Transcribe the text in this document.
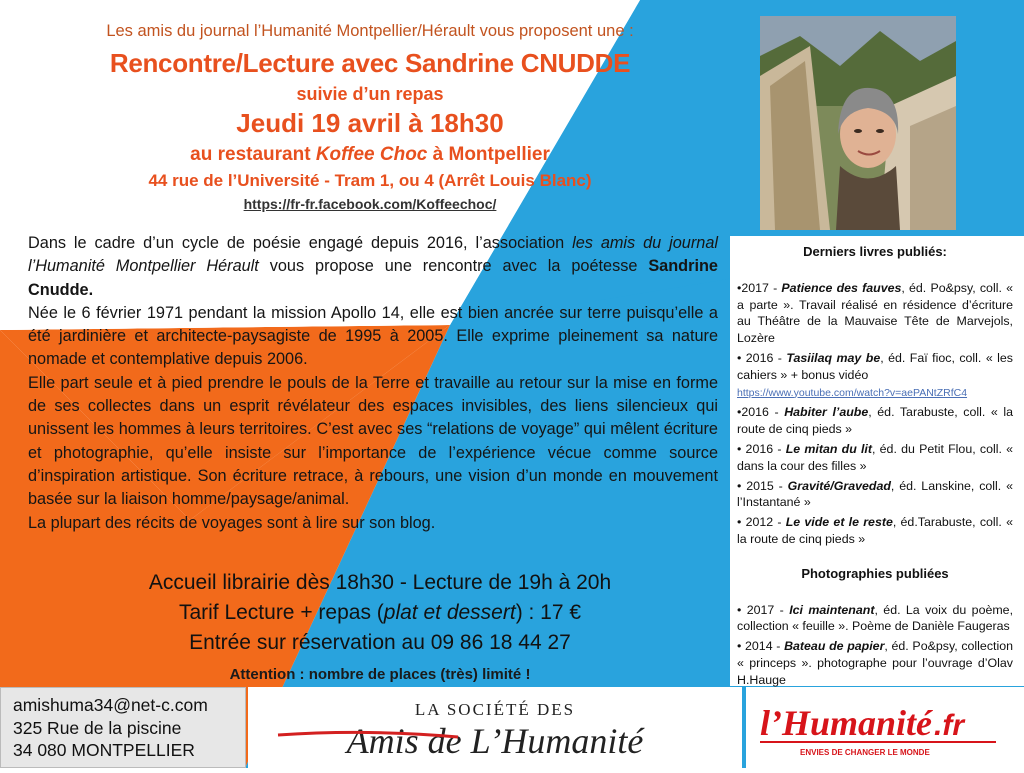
Les amis du journal l’Humanité Montpellier/Hérault vous proposent une :
Rencontre/Lecture avec Sandrine CNUDDE
suivie d’un repas
Jeudi 19 avril à 18h30
au restaurant Koffee Choc à Montpellier
44 rue de l’Université - Tram 1, ou 4 (Arrêt Louis Blanc)
https://fr-fr.facebook.com/Koffeechoc/

Dans le cadre d’un cycle de poésie engagé depuis 2016, l’association les amis du journal l’Humanité Montpellier Hérault vous propose une rencontre avec la poétesse Sandrine Cnudde.

Née le 6 février 1971 pendant la mission Apollo 14, elle est bien ancrée sur terre puisqu’elle a été jardinière et architecte-paysagiste de 1995 à 2005. Elle exprime pleinement sa nature nomade et contemplative depuis 2006.

Elle part seule et à pied prendre le pouls de la Terre et travaille au retour sur la mise en forme de ses collectes dans un esprit révélateur des espaces invisibles, des liens silencieux qui unissent les hommes à leurs territoires. C’est avec ses “relations de voyage” qui mêlent écriture et photographie, qu’elle insiste sur l’importance de l’expérience vécue comme source d’inspiration artistique. Son écriture retrace, à rebours, une vision d’un monde en mouvement basée sur la liaison homme/paysage/animal.

La plupart des récits de voyages sont à lire sur son blog.

Accueil librairie dès 18h30 - Lecture de 19h à 20h
Tarif Lecture + repas (plat et dessert) : 17 €
Entrée sur réservation au 09 86 18 44 27
Attention : nombre de places (très) limité !
Derniers livres publiés:
•2017 - Patience des fauves, éd. Po&psy, coll. « a parte ». Travail réalisé en résidence d’écriture au Théâtre de la Mauvaise Tête de Marvejols, Lozère
• 2016 - Tasiilaq may be, éd. Faï fioc, coll. « les cahiers » + bonus vidéo
https://www.youtube.com/watch?v=aePANtZRfC4
•2016 - Habiter l’aube, éd. Tarabuste, coll. « la route de cinq pieds »
• 2016 - Le mitan du lit, éd. du Petit Flou, coll. « dans la cour des filles »
• 2015 - Gravité/Gravedad, éd. Lanskine, coll. « l’Instantané »
• 2012 - Le vide et le reste, éd.Tarabuste, coll. « la route de cinq pieds »
Photographies publiées
• 2017 - Ici maintenant, éd. La voix du poème, collection « feuille ». Poème de Danièle Faugeras
• 2014 - Bateau de papier, éd. Po&psy, collection « princeps ». photographe pour l’ouvrage d’Olav H.Hauge
amishuma34@net-c.com
325 Rue de la piscine
34 080 MONTPELLIER
LA SOCIÉTÉ DES
Amis de L’Humanité	l’Humanité .fr
ENVIES DE CHANGER LE MONDE
